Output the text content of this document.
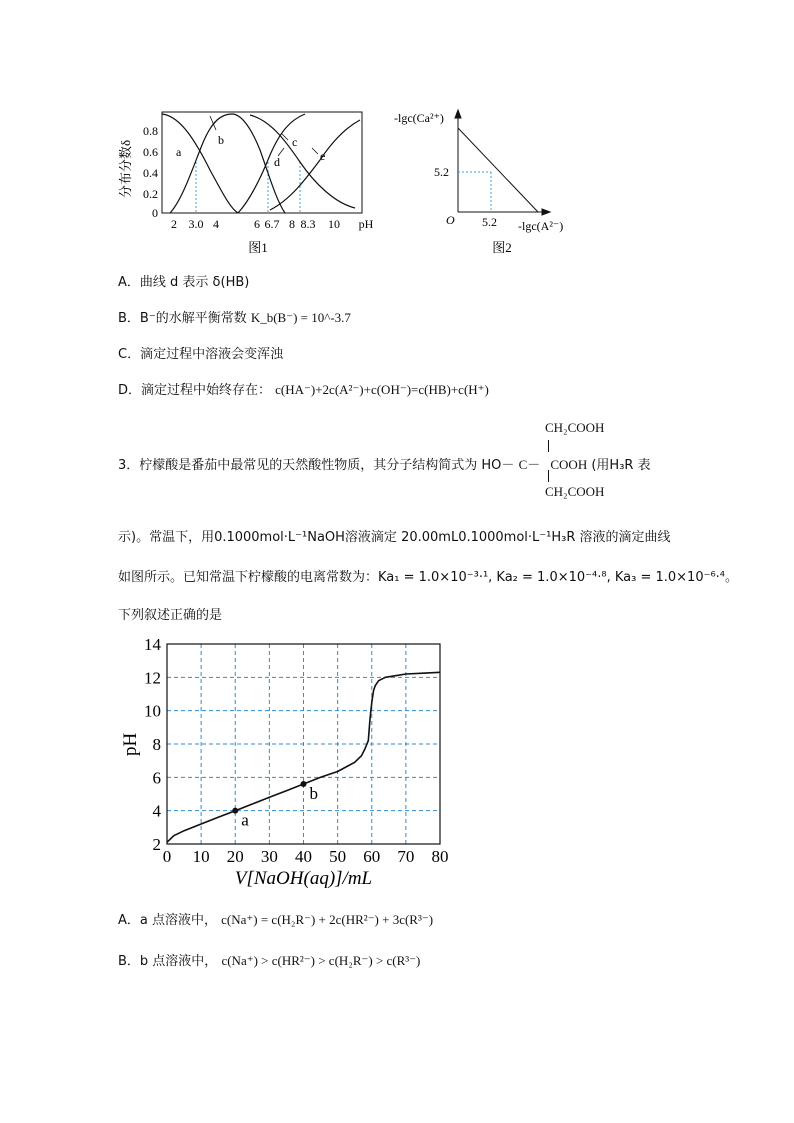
分布分数δ
0.8
0.6
0.4
0.2
0
a
b	c
d	e
2 3.0 4	6 6.7 8 8.3 10 pH
图1
-lgc(Ca²⁺)
5.2
O 5.2 -lgc(A²⁻)
图2
A．曲线 d 表示 δ(HB)
B．B⁻的水解平衡常数 K_b(B⁻) = 10^-3.7
C．滴定过程中溶液会变浑浊
D．滴定过程中始终存在： c(HA⁻)+2c(A²⁻)+c(OH⁻)=c(HB)+c(H⁺)
CH₂COOH
3．柠檬酸是番茄中最常见的天然酸性物质，其分子结构简式为 HO－ C－ COOH (用H₃R 表
CH₂COOH
示)。常温下，用0.1000mol·L⁻¹NaOH溶液滴定 20.00mL0.1000mol·L⁻¹H₃R 溶液的滴定曲线
如图所示。已知常温下柠檬酸的电离常数为：Ka₁ = 1.0×10⁻³·¹, Ka₂ = 1.0×10⁻⁴·⁸, Ka₃ = 1.0×10⁻⁶·⁴。
下列叙述正确的是
0 10 20 30 40 50 60 70 80
2
4
6
8
10
12
14
pH
V[NaOH(aq)]/mL
a
b
A．a 点溶液中， c(Na⁺) = c(H₂R⁻) + 2c(HR²⁻) + 3c(R³⁻)
B．b 点溶液中， c(Na⁺) > c(HR²⁻) > c(H₂R⁻) > c(R³⁻)
